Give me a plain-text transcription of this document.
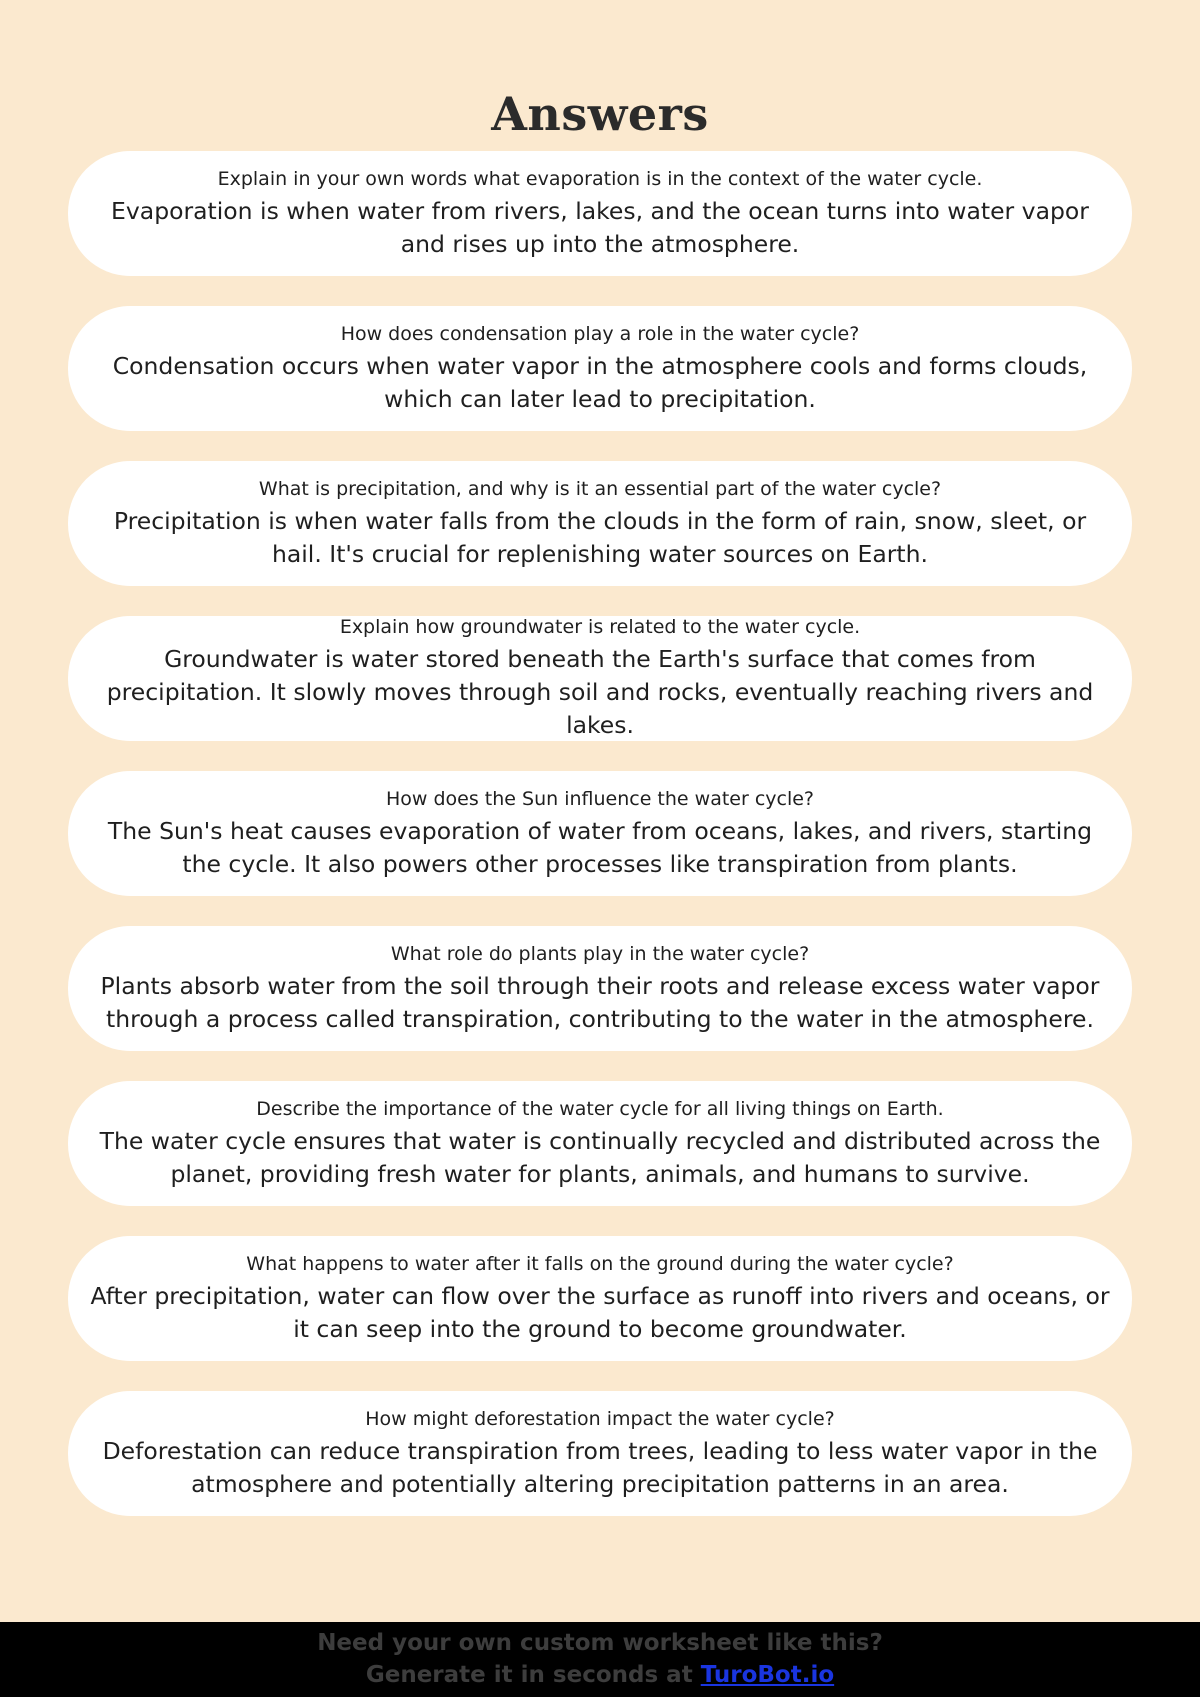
Answers
Explain in your own words what evaporation is in the context of the water cycle.
Evaporation is when water from rivers, lakes, and the ocean turns into water vapor and rises up into the atmosphere.
How does condensation play a role in the water cycle?
Condensation occurs when water vapor in the atmosphere cools and forms clouds, which can later lead to precipitation.
What is precipitation, and why is it an essential part of the water cycle?
Precipitation is when water falls from the clouds in the form of rain, snow, sleet, or hail. It's crucial for replenishing water sources on Earth.
Explain how groundwater is related to the water cycle.
Groundwater is water stored beneath the Earth's surface that comes from precipitation. It slowly moves through soil and rocks, eventually reaching rivers and lakes.
How does the Sun influence the water cycle?
The Sun's heat causes evaporation of water from oceans, lakes, and rivers, starting the cycle. It also powers other processes like transpiration from plants.
What role do plants play in the water cycle?
Plants absorb water from the soil through their roots and release excess water vapor through a process called transpiration, contributing to the water in the atmosphere.
Describe the importance of the water cycle for all living things on Earth.
The water cycle ensures that water is continually recycled and distributed across the planet, providing fresh water for plants, animals, and humans to survive.
What happens to water after it falls on the ground during the water cycle?
After precipitation, water can flow over the surface as runoff into rivers and oceans, or it can seep into the ground to become groundwater.
How might deforestation impact the water cycle?
Deforestation can reduce transpiration from trees, leading to less water vapor in the atmosphere and potentially altering precipitation patterns in an area.
Need your own custom worksheet like this?
Generate it in seconds at TuroBot.io
